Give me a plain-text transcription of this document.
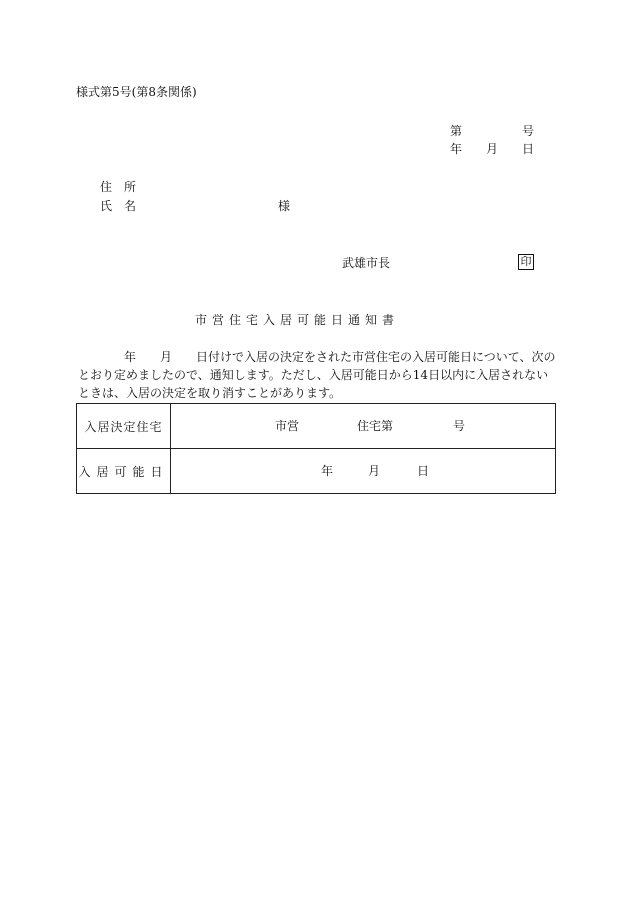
様式第5号(第8条関係)
第	号
年 月 日
住　所
氏　名	様
武雄市長	印
市営住宅入居可能日通知書
年　　月　　日付けで入居の決定をされた市営住宅の入居可能日について、次の
とおり定めましたので、通知します。ただし、入居可能日から14日以内に入居されない
ときは、入居の決定を取り消すことがあります。
入居決定住宅	市営 住宅第 号

入居可能日	年 月 日
